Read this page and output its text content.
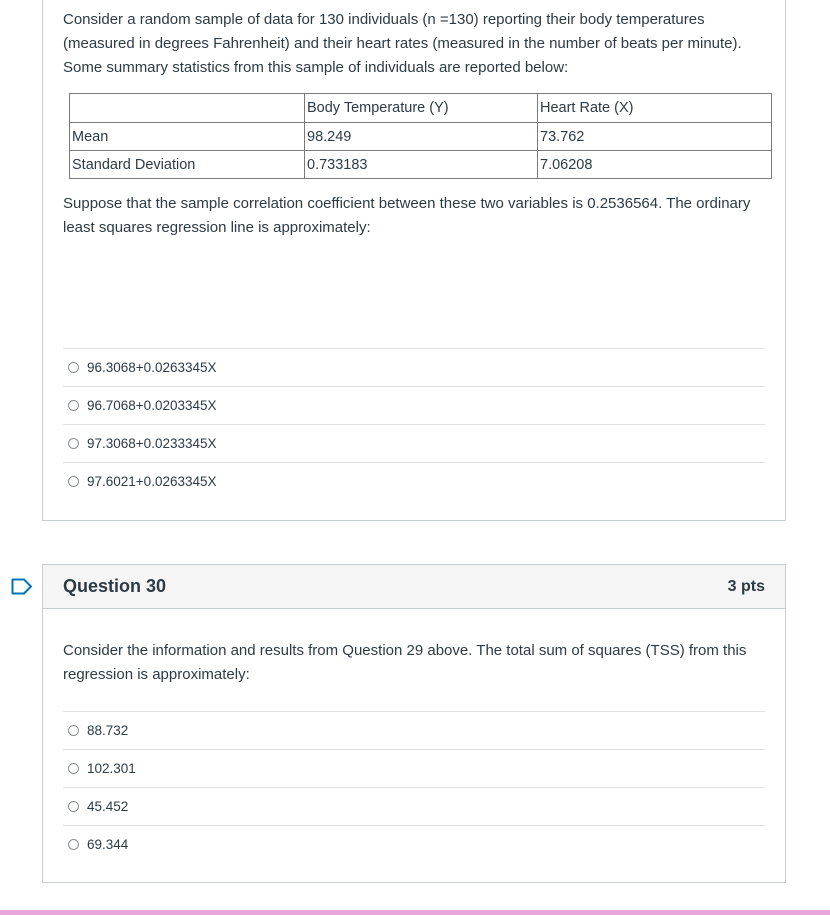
Consider a random sample of data for 130 individuals (n =130) reporting their body temperatures (measured in degrees Fahrenheit) and their heart rates (measured in the number of beats per minute). Some summary statistics from this sample of individuals are reported below:
	Body Temperature (Y)	Heart Rate (X)
Mean	98.249	73.762
Standard Deviation	0.733183	7.06208
Suppose that the sample correlation coefficient between these two variables is 0.2536564. The ordinary least squares regression line is approximately:
96.3068+0.0263345X
96.7068+0.0203345X
97.3068+0.0233345X
97.6021+0.0263345X
Question 30	3 pts
Consider the information and results from Question 29 above. The total sum of squares (TSS) from this regression is approximately:
88.732
102.301
45.452
69.344
